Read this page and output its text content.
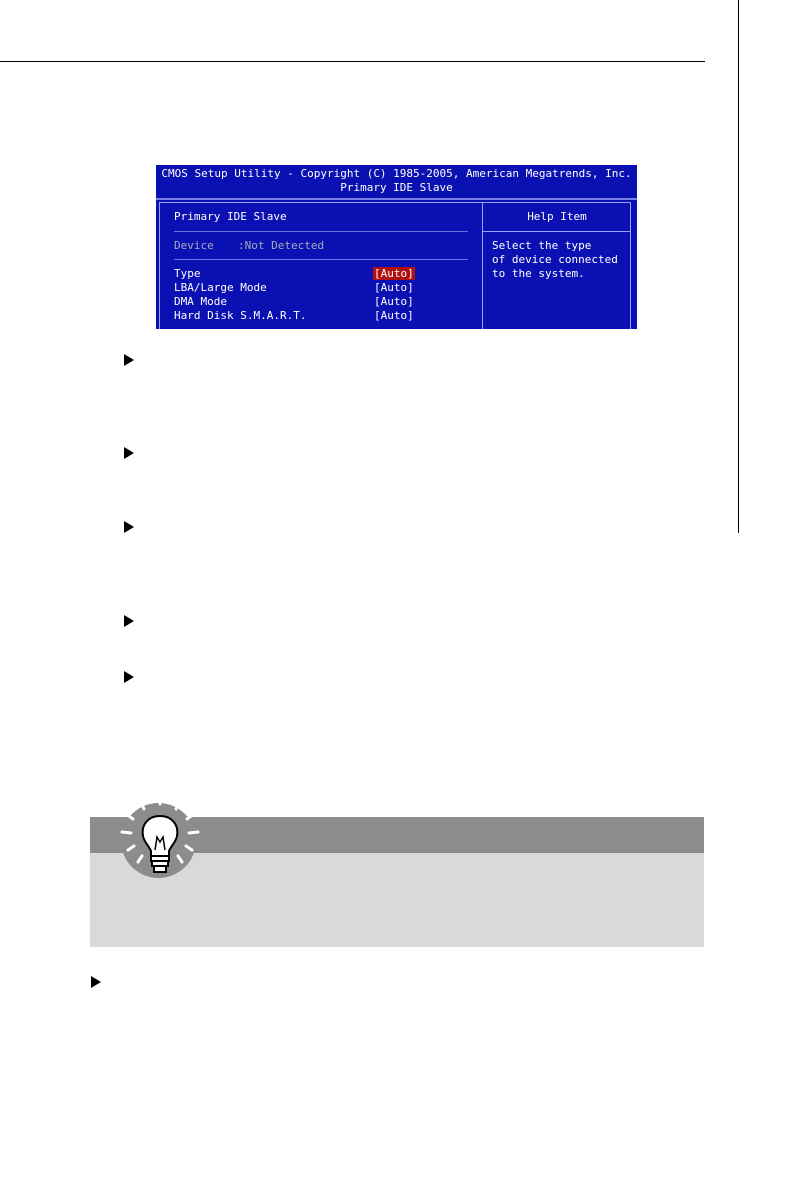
CMOS Setup Utility - Copyright (C) 1985-2005, American Megatrends, Inc.
Primary IDE Slave
Primary IDE Slave
Device :Not Detected
Type	[Auto]
LBA/Large Mode	[Auto]
DMA Mode	[Auto]
Hard Disk S.M.A.R.T.	[Auto]
Help Item
Select the type
of device connected
to the system.
